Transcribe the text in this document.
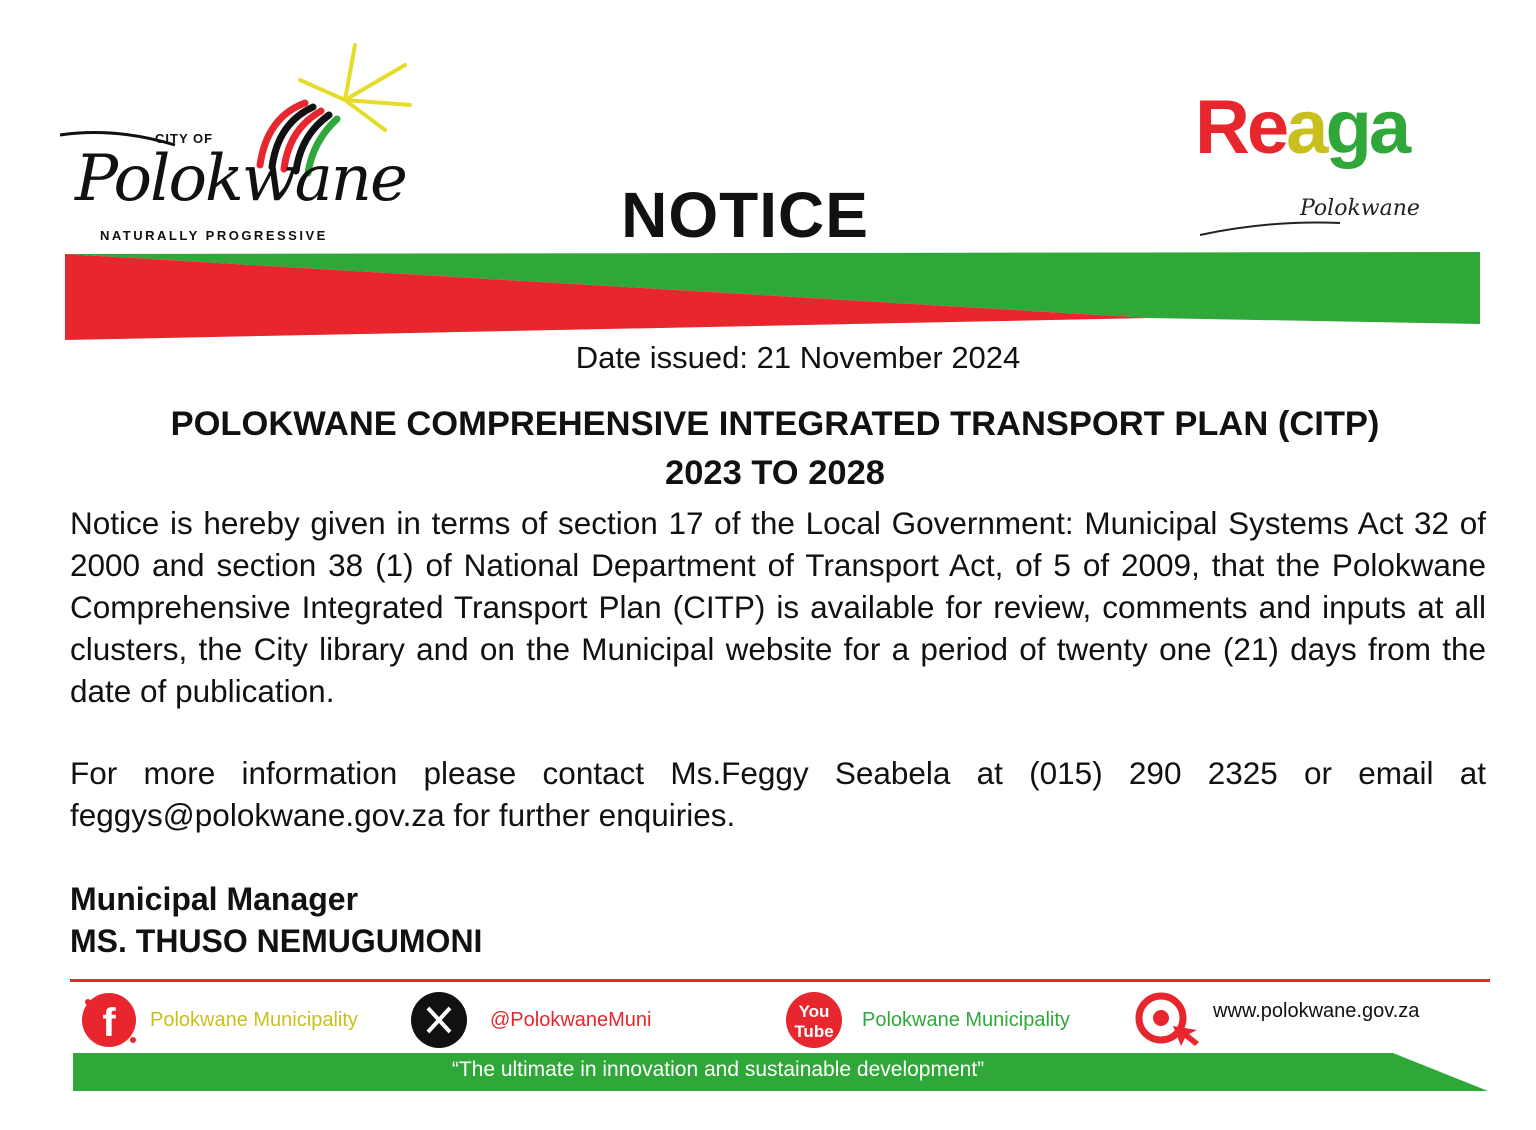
CITY OF
Polokwane
NATURALLY PROGRESSIVE	NOTICE
Reaga
Polokwane
Date issued: 21 November 2024
POLOKWANE COMPREHENSIVE INTEGRATED TRANSPORT PLAN (CITP)
2023 TO 2028
Notice is hereby given in terms of section 17 of the Local Government: Municipal Systems Act 32 of 2000 and section 38 (1) of National Department of Transport Act, of 5 of 2009, that the Polokwane Comprehensive Integrated Transport Plan (CITP) is available for review, comments and inputs at all clusters, the City library and on the Municipal website for a period of twenty one (21) days from the date of publication.
For more information please contact Ms.Feggy Seabela at (015) 290 2325 or email at feggys@polokwane.gov.za for further enquiries.
Municipal Manager
MS. THUSO NEMUGUMONI
f Polokwane Municipality	@PolokwaneMuni	You
Tube
Polokwane Municipality	www.polokwane.gov.za
“The ultimate in innovation and sustainable development”
